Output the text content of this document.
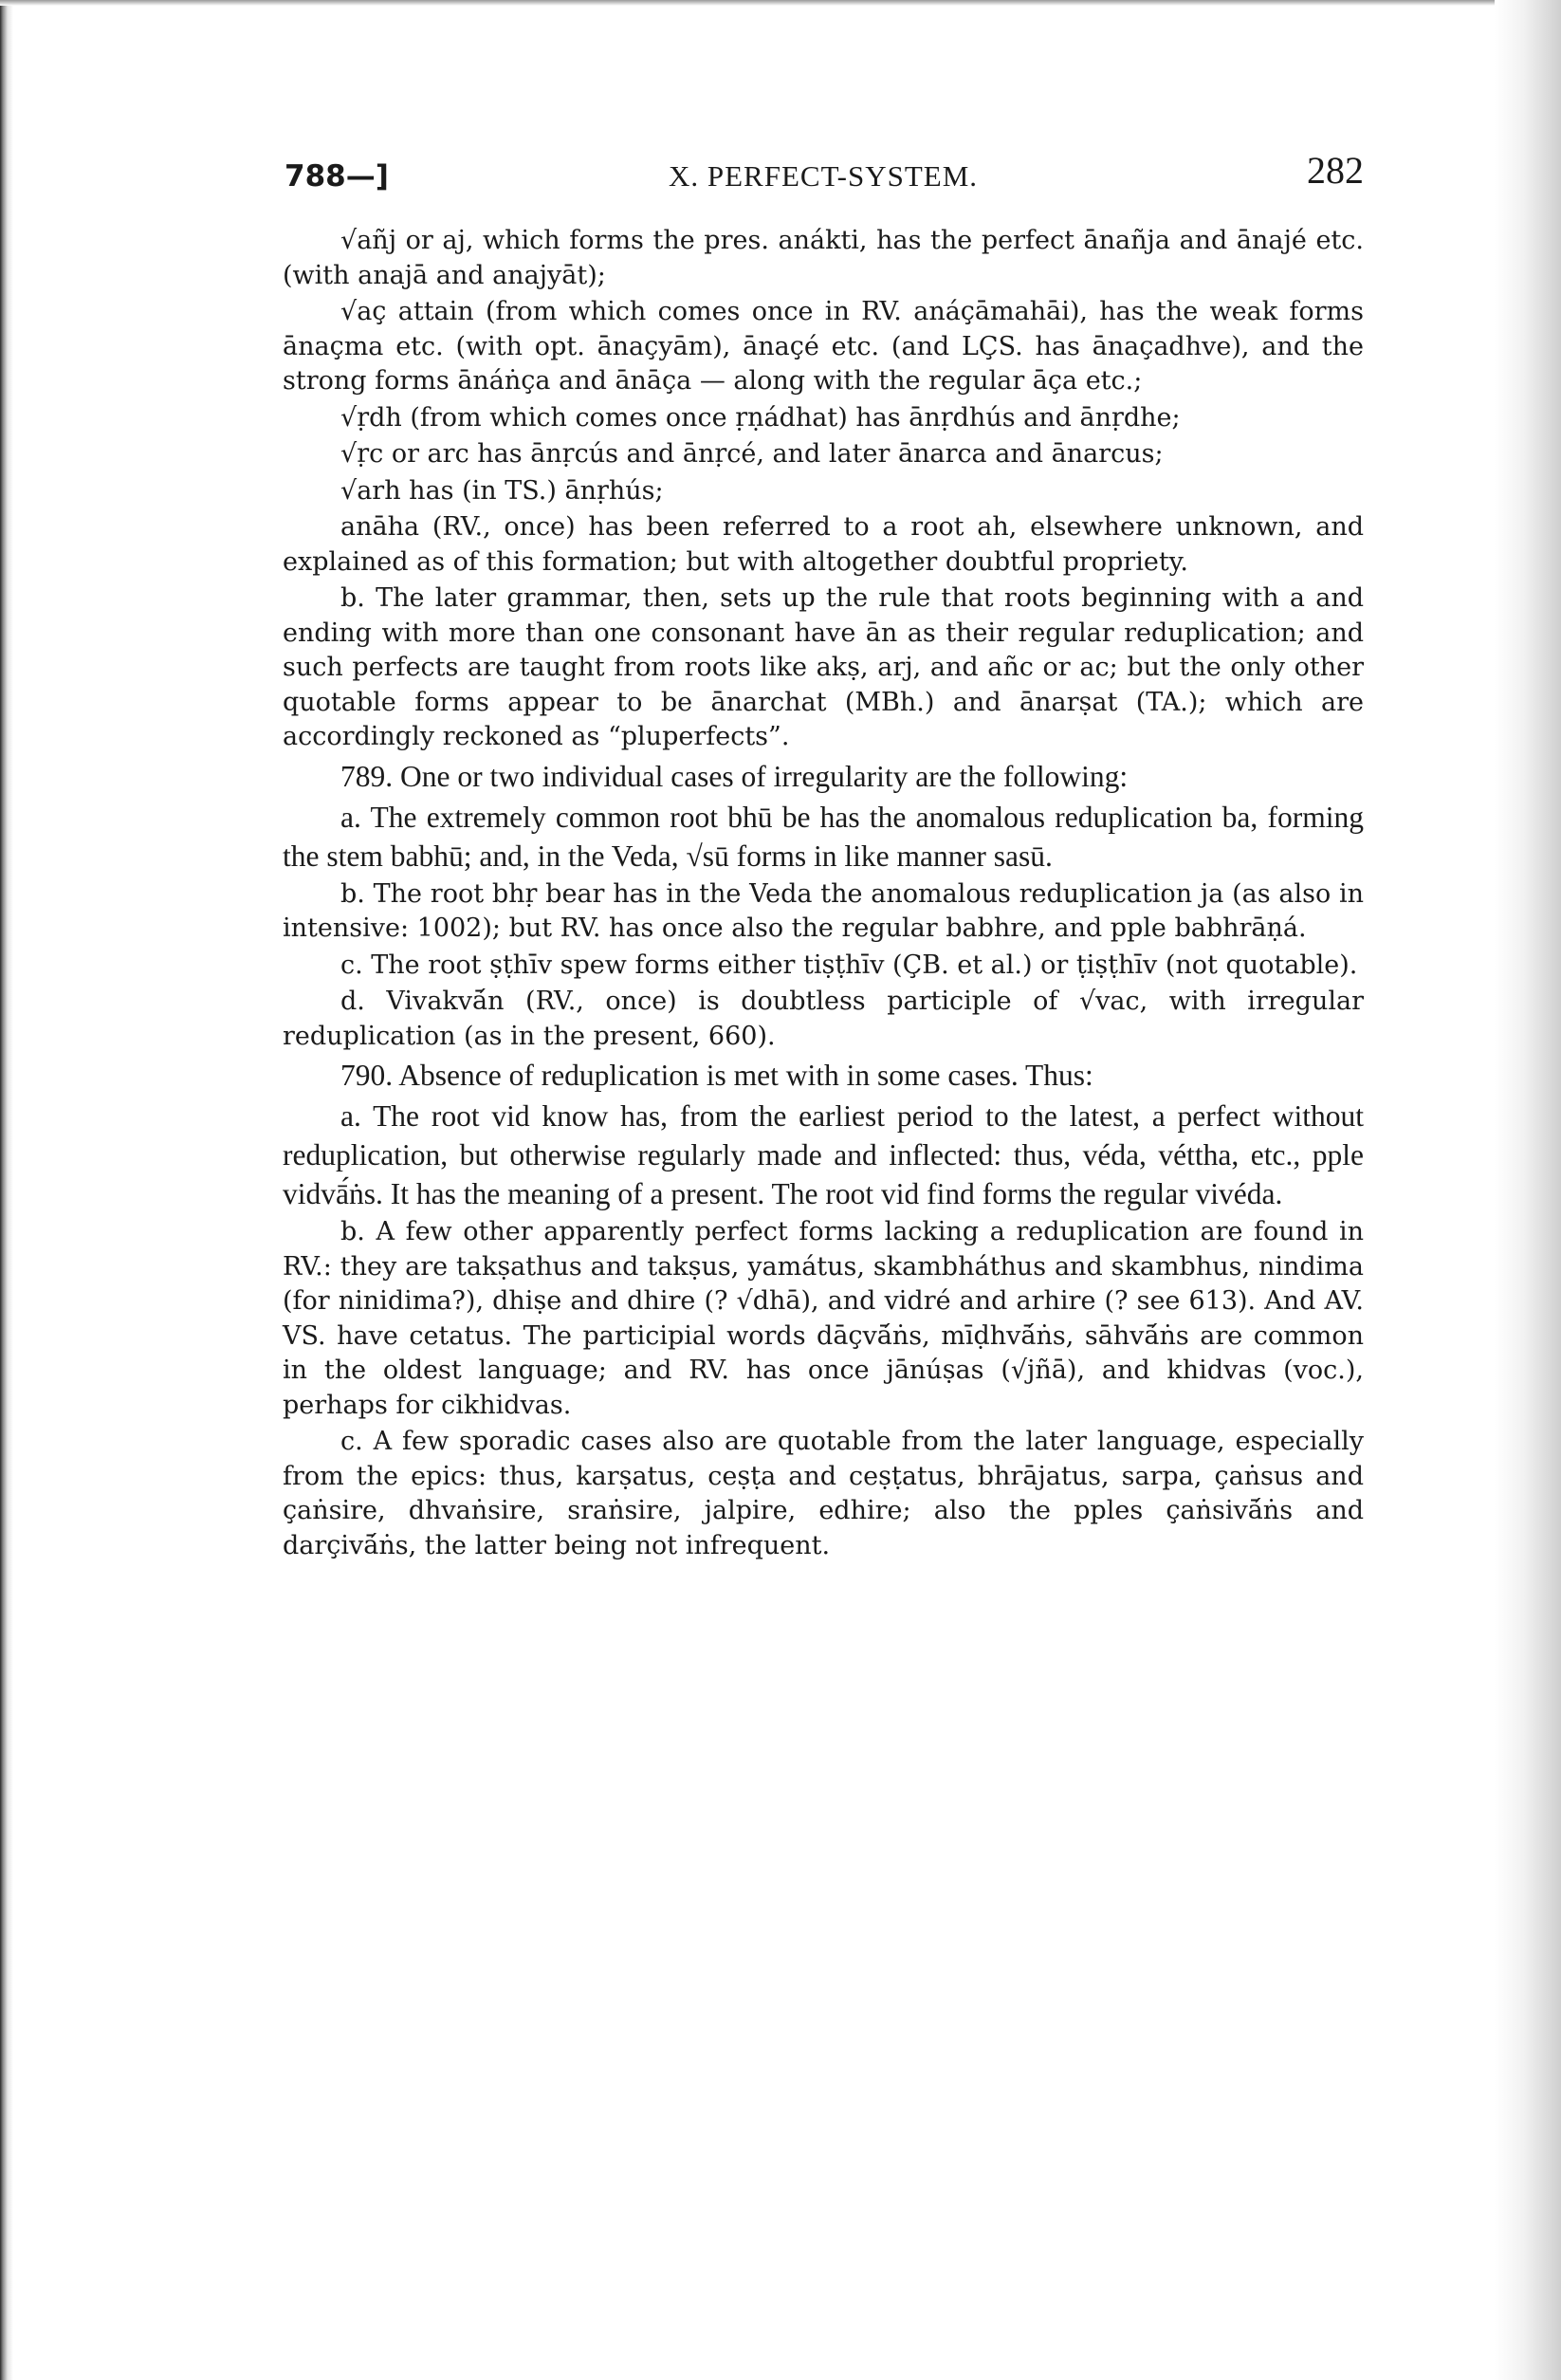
788—]	X. PERFECT-SYSTEM.	282

√añj or aj, which forms the pres. anákti, has the perfect ānañja and ānajé etc. (with anajā and anajyāt);

√aç attain (from which comes once in RV. anáçāmahāi), has the weak forms ānaçma etc. (with opt. ānaçyām), ānaçé etc. (and LÇS. has ānaçadhve), and the strong forms ānáṅça and ānāça — along with the regular āça etc.;

√ṛdh (from which comes once ṛṇádhat) has ānṛdhús and ānṛdhe;

√ṛc or arc has ānṛcús and ānṛcé, and later ānarca and ānarcus;

√arh has (in TS.) ānṛhús;

anāha (RV., once) has been referred to a root ah, elsewhere unknown, and explained as of this formation; but with altogether doubtful propriety.

b. The later grammar, then, sets up the rule that roots beginning with a and ending with more than one consonant have ān as their regular reduplication; and such perfects are taught from roots like akṣ, arj, and añc or ac; but the only other quotable forms appear to be ānarchat (MBh.) and ānarṣat (TA.); which are accordingly reckoned as “pluperfects”.

789. One or two individual cases of irregularity are the following:

a. The extremely common root bhū be has the anomalous reduplication ba, forming the stem babhū; and, in the Veda, √sū forms in like manner sasū.

b. The root bhṛ bear has in the Veda the anomalous reduplication ja (as also in intensive: 1002); but RV. has once also the regular babhre, and pple babhrāṇá.

c. The root ṣṭhīv spew forms either tiṣṭhīv (ÇB. et al.) or ṭiṣṭhīv (not quotable).

d. Vivakvā́n (RV., once) is doubtless participle of √vac, with irregular reduplication (as in the present, 660).

790. Absence of reduplication is met with in some cases. Thus:

a. The root vid know has, from the earliest period to the latest, a perfect without reduplication, but otherwise regularly made and inflected: thus, véda, véttha, etc., pple vidvā́ṅs. It has the meaning of a present. The root vid find forms the regular vivéda.

b. A few other apparently perfect forms lacking a reduplication are found in RV.: they are takṣathus and takṣus, yamátus, skambháthus and skambhus, nindima (for ninidima?), dhiṣe and dhire (? √dhā), and vidré and arhire (? see 613). And AV. VS. have cetatus. The participial words dāçvā́ṅs, mīḍhvā́ṅs, sāhvā́ṅs are common in the oldest language; and RV. has once jānúṣas (√jñā), and khidvas (voc.), perhaps for cikhidvas.

c. A few sporadic cases also are quotable from the later language, especially from the epics: thus, karṣatus, ceṣṭa and ceṣṭatus, bhrājatus, sarpa, çaṅsus and çaṅsire, dhvaṅsire, sraṅsire, jalpire, edhire; also the pples çaṅsivā́ṅs and darçivā́ṅs, the latter being not infrequent.
